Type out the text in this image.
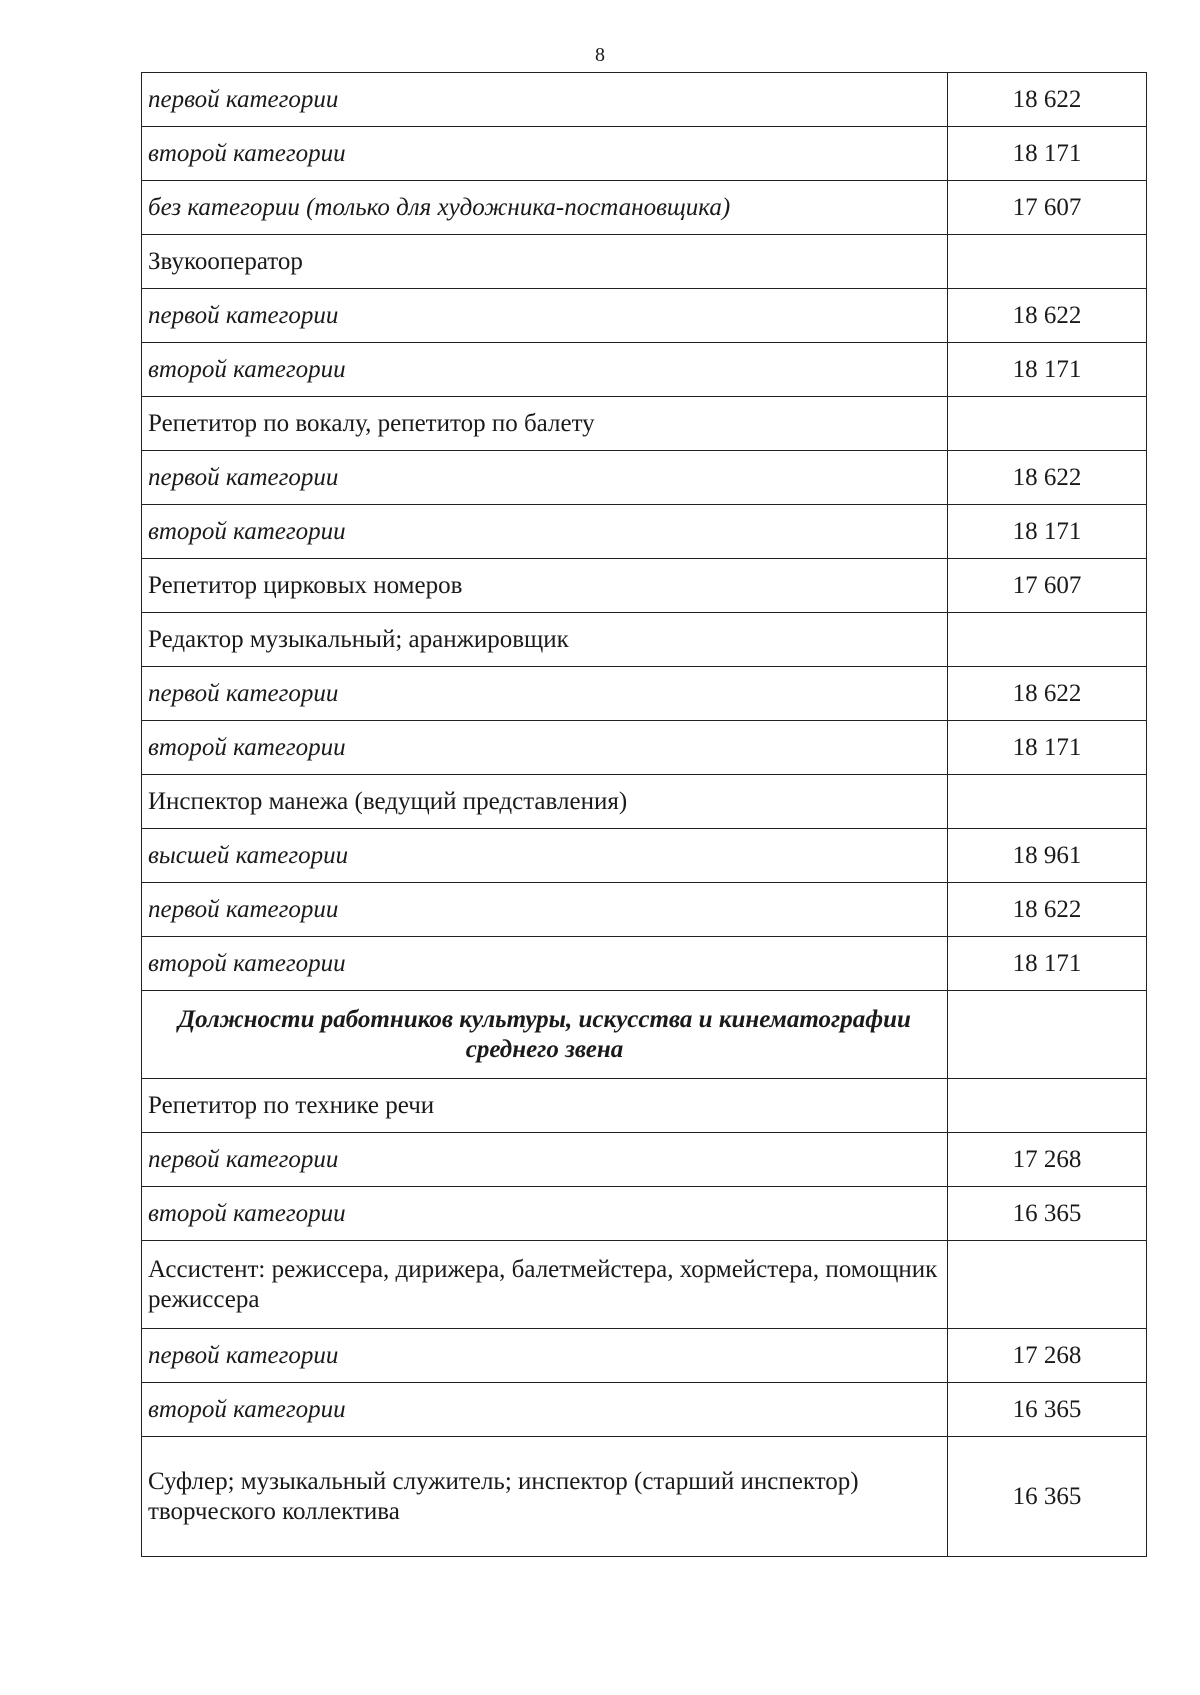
8
первой категории	18 622
второй категории	18 171
без категории (только для художника-постановщика)	17 607
Звукооператор	
первой категории	18 622
второй категории	18 171
Репетитор по вокалу, репетитор по балету	
первой категории	18 622
второй категории	18 171
Репетитор цирковых номеров	17 607
Редактор музыкальный; аранжировщик	
первой категории	18 622
второй категории	18 171
Инспектор манежа (ведущий представления)	
высшей категории	18 961
первой категории	18 622
второй категории	18 171
Должности работников культуры, искусства и кинематографии среднего звена	
Репетитор по технике речи	
первой категории	17 268
второй категории	16 365
Ассистент: режиссера, дирижера, балетмейстера, хормейстера, помощник режиссера	
первой категории	17 268
второй категории	16 365
Суфлер; музыкальный служитель; инспектор (старший инспектор) творческого коллектива	16 365
